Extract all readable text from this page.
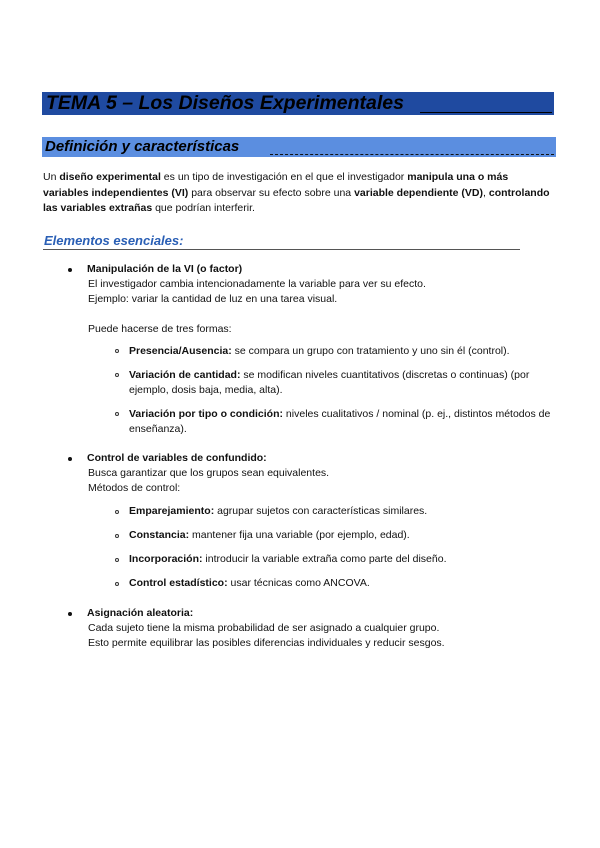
TEMA 5 – Los Diseños Experimentales
Definición y características
Un diseño experimental es un tipo de investigación en el que el investigador manipula una o más variables independientes (VI) para observar su efecto sobre una variable dependiente (VD), controlando las variables extrañas que podrían interferir.
Elementos esenciales:
Manipulación de la VI (o factor)
El investigador cambia intencionadamente la variable para ver su efecto.
Ejemplo: variar la cantidad de luz en una tarea visual.
Puede hacerse de tres formas:
Presencia/Ausencia: se compara un grupo con tratamiento y uno sin él (control).
Variación de cantidad: se modifican niveles cuantitativos (discretas o continuas) (por ejemplo, dosis baja, media, alta).
Variación por tipo o condición: niveles cualitativos / nominal (p. ej., distintos métodos de enseñanza).
Control de variables de confundido:
Busca garantizar que los grupos sean equivalentes.
Métodos de control:
Emparejamiento: agrupar sujetos con características similares.
Constancia: mantener fija una variable (por ejemplo, edad).
Incorporación: introducir la variable extraña como parte del diseño.
Control estadístico: usar técnicas como ANCOVA.
Asignación aleatoria:
Cada sujeto tiene la misma probabilidad de ser asignado a cualquier grupo.
Esto permite equilibrar las posibles diferencias individuales y reducir sesgos.
